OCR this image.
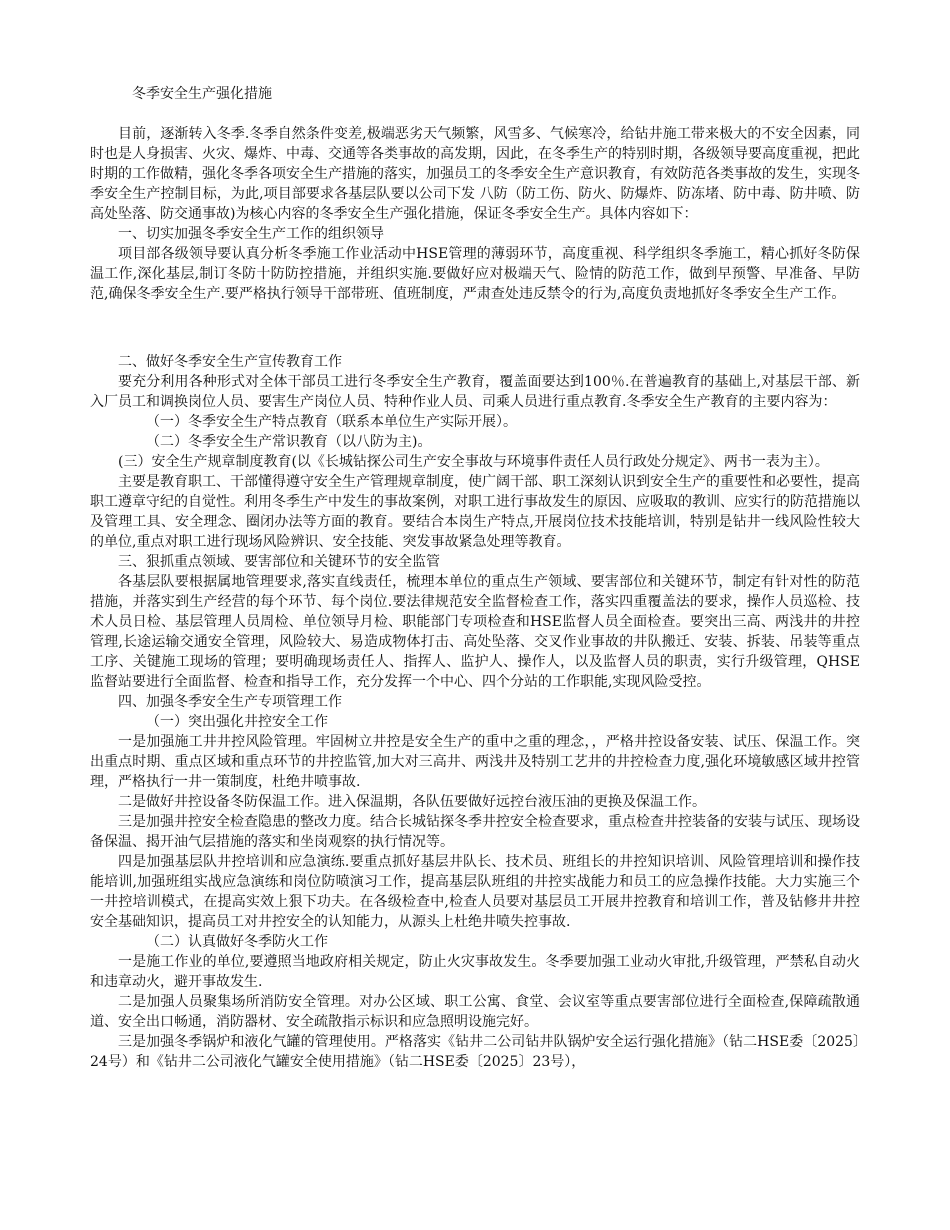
冬季安全生产强化措施

目前，逐渐转入冬季.冬季自然条件变差,极端恶劣天气频繁，风雪多、气候寒冷，给钻井施工带来极大的不安全因素，同时也是人身损害、火灾、爆炸、中毒、交通等各类事故的高发期，因此，在冬季生产的特别时期，各级领导要高度重视，把此时期的工作做精，强化冬季各项安全生产措施的落实，加强员工的冬季安全生产意识教育，有效防范各类事故的发生，实现冬季安全生产控制目标，为此,项目部要求各基层队要以公司下发 八防（防工伤、防火、防爆炸、防冻堵、防中毒、防井喷、防高处坠落、防交通事故)为核心内容的冬季安全生产强化措施，保证冬季安全生产。具体内容如下：

一、切实加强冬季安全生产工作的组织领导

项目部各级领导要认真分析冬季施工作业活动中HSE管理的薄弱环节，高度重视、科学组织冬季施工，精心抓好冬防保温工作,深化基层,制订冬防十防防控措施，并组织实施.要做好应对极端天气、险情的防范工作，做到早预警、早准备、早防范,确保冬季安全生产.要严格执行领导干部带班、值班制度，严肃查处违反禁令的行为,高度负责地抓好冬季安全生产工作。

二、做好冬季安全生产宣传教育工作

要充分利用各种形式对全体干部员工进行冬季安全生产教育，覆盖面要达到100％.在普遍教育的基础上,对基层干部、新入厂员工和调换岗位人员、要害生产岗位人员、特种作业人员、司乘人员进行重点教育.冬季安全生产教育的主要内容为：

（一）冬季安全生产特点教育（联系本单位生产实际开展）。

（二）冬季安全生产常识教育（以八防为主)。

(三）安全生产规章制度教育(以《长城钻探公司生产安全事故与环境事件责任人员行政处分规定》、两书一表为主）。

主要是教育职工、干部懂得遵守安全生产管理规章制度，使广阔干部、职工深刻认识到安全生产的重要性和必要性，提高职工遵章守纪的自觉性。利用冬季生产中发生的事故案例，对职工进行事故发生的原因、应吸取的教训、应实行的防范措施以及管理工具、安全理念、圈闭办法等方面的教育。要结合本岗生产特点,开展岗位技术技能培训，特别是钻井一线风险性较大的单位,重点对职工进行现场风险辨识、安全技能、突发事故紧急处理等教育。

三、狠抓重点领域、要害部位和关键环节的安全监管

各基层队要根据属地管理要求,落实直线责任，梳理本单位的重点生产领域、要害部位和关键环节，制定有针对性的防范措施，并落实到生产经营的每个环节、每个岗位.要法律规范安全监督检查工作，落实四重覆盖法的要求，操作人员巡检、技术人员日检、基层管理人员周检、单位领导月检、职能部门专项检查和HSE监督人员全面检查。要突出三高、两浅井的井控管理,长途运输交通安全管理，风险较大、易造成物体打击、高处坠落、交叉作业事故的井队搬迁、安装、拆装、吊装等重点工序、关键施工现场的管理；要明确现场责任人、指挥人、监护人、操作人，以及监督人员的职责，实行升级管理，QHSE监督站要进行全面监督、检查和指导工作，充分发挥一个中心、四个分站的工作职能,实现风险受控。

四、加强冬季安全生产专项管理工作

（一）突出强化井控安全工作

一是加强施工井井控风险管理。牢固树立井控是安全生产的重中之重的理念，，严格井控设备安装、试压、保温工作。突出重点时期、重点区域和重点环节的井控监管,加大对三高井、两浅井及特别工艺井的井控检查力度,强化环境敏感区域井控管理，严格执行一井一策制度，杜绝井喷事故.

二是做好井控设备冬防保温工作。进入保温期，各队伍要做好远控台液压油的更换及保温工作。

三是加强井控安全检查隐患的整改力度。结合长城钻探冬季井控安全检查要求，重点检查井控装备的安装与试压、现场设备保温、揭开油气层措施的落实和坐岗观察的执行情况等。

四是加强基层队井控培训和应急演练.要重点抓好基层井队长、技术员、班组长的井控知识培训、风险管理培训和操作技能培训,加强班组实战应急演练和岗位防喷演习工作，提高基层队班组的井控实战能力和员工的应急操作技能。大力实施三个一井控培训模式，在提高实效上狠下功夫。在各级检查中,检查人员要对基层员工开展井控教育和培训工作，普及钻修井井控安全基础知识，提高员工对井控安全的认知能力，从源头上杜绝井喷失控事故.

（二）认真做好冬季防火工作

一是施工作业的单位,要遵照当地政府相关规定，防止火灾事故发生。冬季要加强工业动火审批,升级管理，严禁私自动火和违章动火，避开事故发生.

二是加强人员聚集场所消防安全管理。对办公区域、职工公寓、食堂、会议室等重点要害部位进行全面检查,保障疏散通道、安全出口畅通，消防器材、安全疏散指示标识和应急照明设施完好。

三是加强冬季锅炉和液化气罐的管理使用。严格落实《钻井二公司钻井队锅炉安全运行强化措施》（钻二HSE委〔2025〕24号）和《钻井二公司液化气罐安全使用措施》（钻二HSE委〔2025〕23号），
